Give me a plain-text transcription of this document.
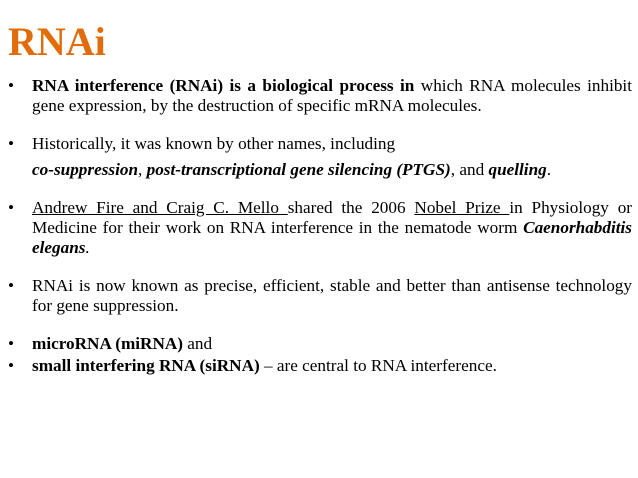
RNAi
• RNA interference (RNAi) is a biological process in which RNA molecules inhibit gene expression, by the destruction of specific mRNA molecules.
• Historically, it was known by other names, including
co-suppression, post-transcriptional gene silencing (PTGS), and quelling.
• Andrew Fire and Craig C. Mello shared the 2006 Nobel Prize in Physiology or Medicine for their work on RNA interference in the nematode worm Caenorhabditis elegans.
• RNAi is now known as precise, efficient, stable and better than antisense technology for gene suppression.
• microRNA (miRNA) and
• small interfering RNA (siRNA) – are central to RNA interference.
